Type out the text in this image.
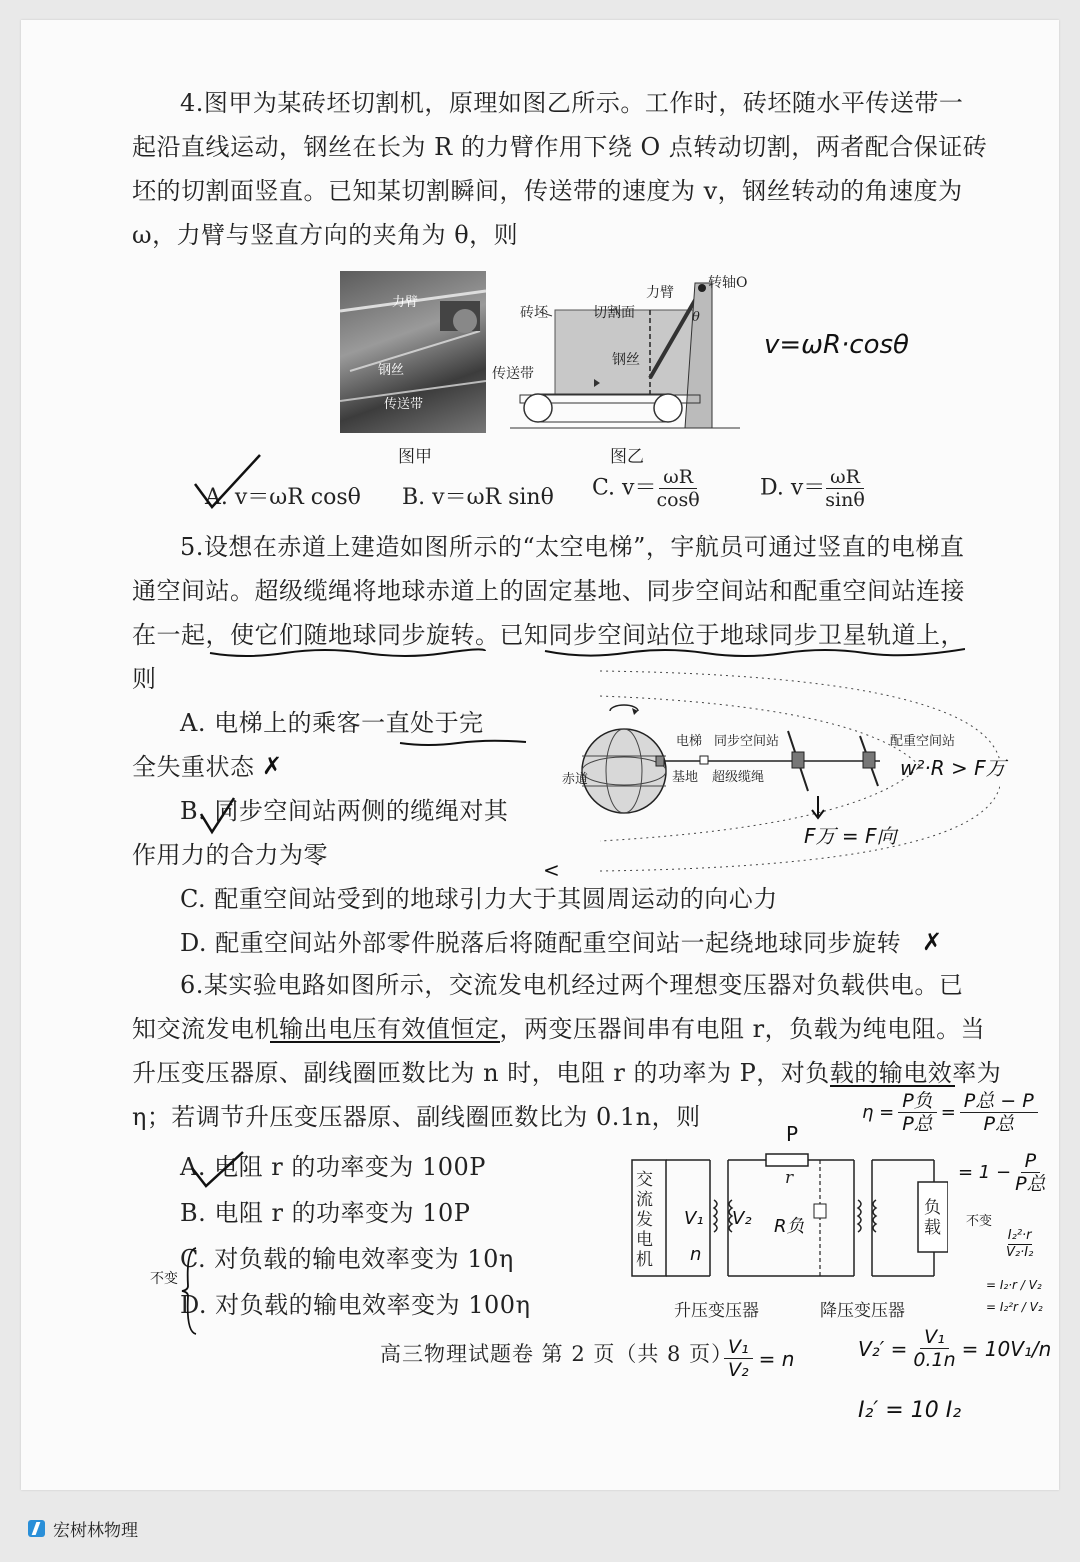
4.图甲为某砖坯切割机，原理如图乙所示。工作时，砖坯随水平传送带一
起沿直线运动，钢丝在长为 R 的力臂作用下绕 O 点转动切割，两者配合保证砖
坯的切割面竖直。已知某切割瞬间，传送带的速度为 v，钢丝转动的角速度为
ω，力臂与竖直方向的夹角为 θ，则
力臂
钢丝
传送带
图甲
砖坯	切割面
力臂
转轴O
钢丝
传送带
θ
图乙
v=ωR·cosθ
A. v＝ωR cosθ B. v＝ωR sinθ C. $v= \frac{\omega R}{\cos\theta}$	D. $v= \frac{\omega R}{\sin\theta}$
5.设想在赤道上建造如图所示的“太空电梯”，宇航员可通过竖直的电梯直
通空间站。超级缆绳将地球赤道上的固定基地、同步空间站和配重空间站连接
在一起，使它们随地球同步旋转。已知同步空间站位于地球同步卫星轨道上，
则
A. 电梯上的乘客一直处于完
全失重状态 ✗
B. 同步空间站两侧的缆绳对其
作用力的合力为零
<
C. 配重空间站受到的地球引力大于其圆周运动的向心力
D. 配重空间站外部零件脱落后将随配重空间站一起绕地球同步旋转 ✗
赤道
电梯 同步空间站
基地 超级缆绳
配重空间站
w²·R > F万
F万 = F向
6.某实验电路如图所示，交流发电机经过两个理想变压器对负载供电。已
知交流发电机输出电压有效值恒定，两变压器间串有电阻 r，负载为纯电阻。当
升压变压器原、副线圈匝数比为 n 时，电阻 r 的功率为 P，对负载的输电效率为
η；若调节升压变压器原、副线圈匝数比为 0.1n，则
A. 电阻 r 的功率变为 100P
B. 电阻 r 的功率变为 10P
C. 对负载的输电效率变为 10η
D. 对负载的输电效率变为 100η
不变
交流发电机
负载
r
升压变压器	降压变压器
P
V₁ V₂
n
R负
$\eta = \frac{\text{P负}}{\text{P总}} = \frac{\text{P总 − P}}{\text{P总}}$
= $1 - \frac{P}{\text{P总}}$
不变
I₂²·r
V₂·I₂
= I₂·r / V₂
= I₂²r / V₂
$\frac{\text{V₁}}{\text{V₂}} = n$	$V_2' = \frac{\text{V₁}}{0.1n} = 10V_1/n$
I₂′ = 10 I₂
高三物理试题卷 第 2 页（共 8 页）
宏树林物理
